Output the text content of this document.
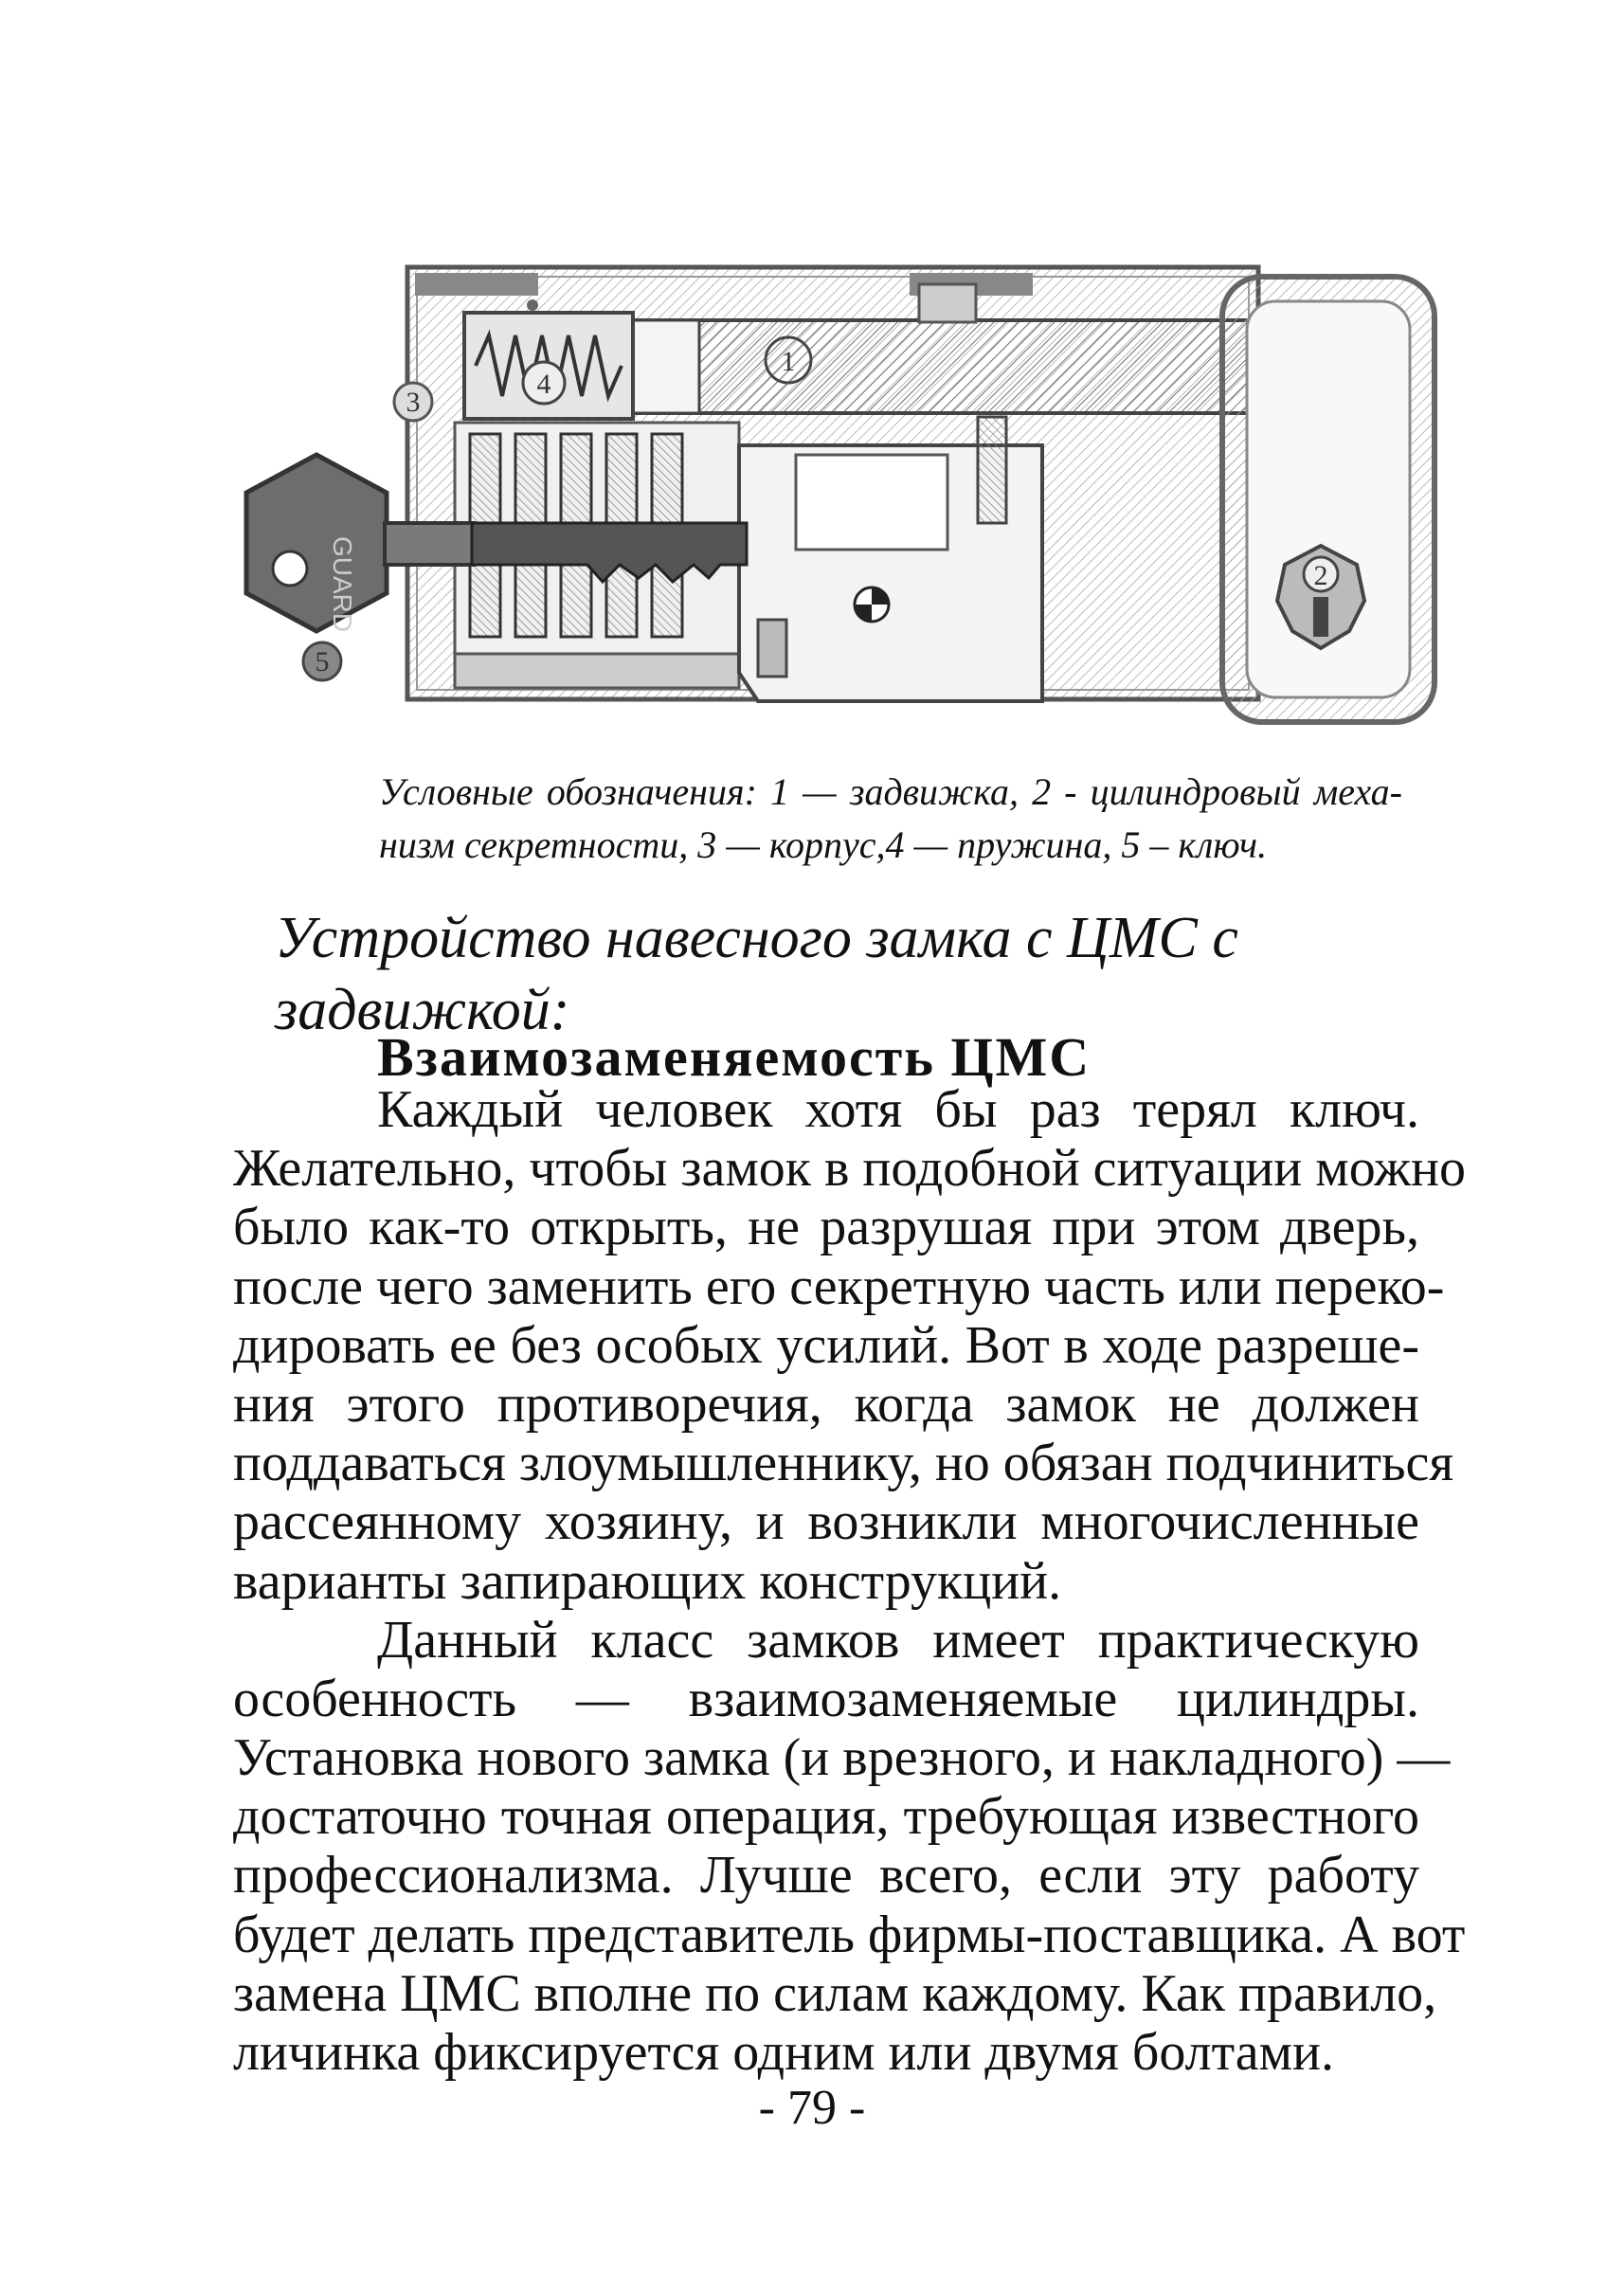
GUARD
1
3
4
5
2
Условные обозначения: 1 — задвижка, 2 - цилиндровый меха-
низм секретности, 3 — корпус,4 — пружина, 5 – ключ.
Устройство навесного замка с ЦМС с задвижкой:
Взаимозаменяемость ЦМС
Каждый человек хотя бы раз терял ключ.
Желательно, чтобы замок в подобной ситуации можно
было как-то открыть, не разрушая при этом дверь,
после чего заменить его секретную часть или переко-
дировать ее без особых усилий. Вот в ходе разреше-
ния этого противоречия, когда замок не должен
поддаваться злоумышленнику, но обязан подчиниться
рассеянному хозяину, и возникли многочисленные
варианты запирающих конструкций.
Данный класс замков имеет практическую
особенность — взаимозаменяемые цилиндры.
Установка нового замка (и врезного, и накладного) —
достаточно точная операция, требующая известного
профессионализма. Лучше всего, если эту работу
будет делать представитель фирмы-поставщика. А вот
замена ЦМС вполне по силам каждому. Как правило,
личинка фиксируется одним или двумя болтами.
- 79 -
